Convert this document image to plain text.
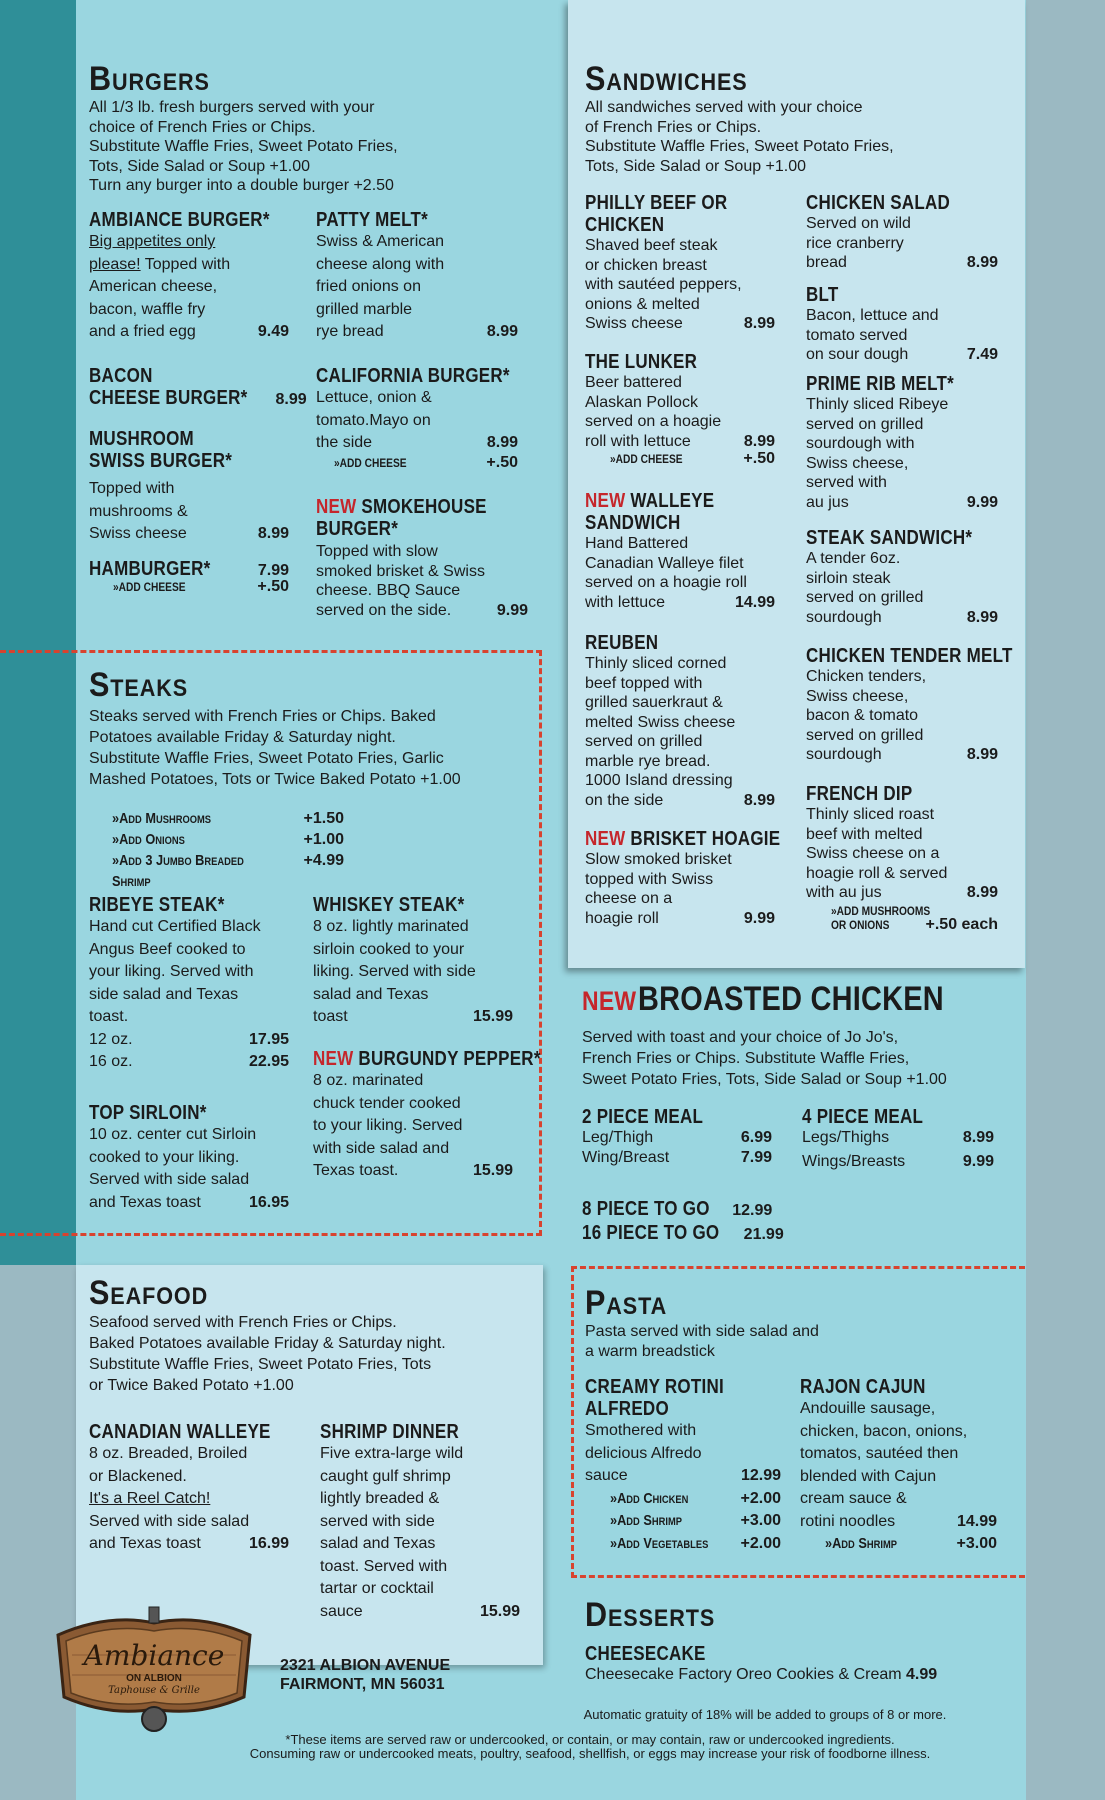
Burgers
All 1/3 lb. fresh burgers served with your
choice of French Fries or Chips.
Substitute Waffle Fries, Sweet Potato Fries,
Tots, Side Salad or Soup +1.00
Turn any burger into a double burger +2.50
AMBIANCE BURGER*
Big appetites only
please! Topped with
American cheese,
bacon, waffle fry
and a fried egg	9.49
PATTY MELT*
Swiss & American
cheese along with
fried onions on
grilled marble
rye bread	8.99
BACON
CHEESE BURGER* 8.99
CALIFORNIA BURGER*
Lettuce, onion &
tomato.Mayo on
the side	8.99
»ADD CHEESE	+.50
MUSHROOM
SWISS BURGER*
Topped with
mushrooms &
Swiss cheese	8.99
NEW SMOKEHOUSE
BURGER*
Topped with slow
smoked brisket & Swiss
cheese. BBQ Sauce
served on the side.	9.99
HAMBURGER*	7.99
»ADD CHEESE	+.50
Steaks
Steaks served with French Fries or Chips. Baked
Potatoes available Friday & Saturday night.
Substitute Waffle Fries, Sweet Potato Fries, Garlic
Mashed Potatoes, Tots or Twice Baked Potato +1.00
»Add Mushrooms	+1.50
»Add Onions	+1.00
»Add 3 Jumbo Breaded Shrimp
+4.99
RIBEYE STEAK*
Hand cut Certified Black
Angus Beef cooked to
your liking. Served with
side salad and Texas
toast.
12 oz.	17.95
16 oz.	22.95
WHISKEY STEAK*
8 oz. lightly marinated
sirloin cooked to your
liking. Served with side
salad and Texas
toast	15.99
NEW BURGUNDY PEPPER*
8 oz. marinated
chuck tender cooked
to your liking. Served
with side salad and
Texas toast.	15.99
TOP SIRLOIN*
10 oz. center cut Sirloin
cooked to your liking.
Served with side salad
and Texas toast	16.95
Seafood
Seafood served with French Fries or Chips.
Baked Potatoes available Friday & Saturday night.
Substitute Waffle Fries, Sweet Potato Fries, Tots
or Twice Baked Potato +1.00
CANADIAN WALLEYE
8 oz. Breaded, Broiled
or Blackened.
It's a Reel Catch!
Served with side salad
and Texas toast	16.99
SHRIMP DINNER
Five extra-large wild
caught gulf shrimp
lightly breaded &
served with side
salad and Texas
toast. Served with
tartar or cocktail
sauce	15.99
Ambiance
ON ALBION
Taphouse & Grille
2321 ALBION AVENUE
FAIRMONT, MN 56031
Sandwiches
All sandwiches served with your choice
of French Fries or Chips.
Substitute Waffle Fries, Sweet Potato Fries,
Tots, Side Salad or Soup +1.00
PHILLY BEEF OR
CHICKEN
Shaved beef steak
or chicken breast
with sautéed peppers,
onions & melted
Swiss cheese	8.99
THE LUNKER
Beer battered
Alaskan Pollock
served on a hoagie
roll with lettuce	8.99
»ADD CHEESE	+.50
NEW WALLEYE
SANDWICH
Hand Battered
Canadian Walleye filet
served on a hoagie roll
with lettuce	14.99
REUBEN
Thinly sliced corned
beef topped with
grilled sauerkraut &
melted Swiss cheese
served on grilled
marble rye bread.
1000 Island dressing
on the side	8.99
NEW BRISKET HOAGIE
Slow smoked brisket
topped with Swiss
cheese on a
hoagie roll	9.99
CHICKEN SALAD
Served on wild
rice cranberry
bread	8.99
BLT
Bacon, lettuce and
tomato served
on sour dough	7.49
PRIME RIB MELT*
Thinly sliced Ribeye
served on grilled
sourdough with
Swiss cheese,
served with
au jus	9.99
STEAK SANDWICH*
A tender 6oz.
sirloin steak
served on grilled
sourdough	8.99
CHICKEN TENDER MELT
Chicken tenders,
Swiss cheese,
bacon & tomato
served on grilled
sourdough	8.99
FRENCH DIP
Thinly sliced roast
beef with melted
Swiss cheese on a
hoagie roll & served
with au jus	8.99
»ADD MUSHROOMS
OR ONIONS +.50 each
NEWBROASTED CHICKEN
Served with toast and your choice of Jo Jo's,
French Fries or Chips. Substitute Waffle Fries,
Sweet Potato Fries, Tots, Side Salad or Soup +1.00
2 PIECE MEAL
Leg/Thigh	6.99
Wing/Breast	7.99
4 PIECE MEAL
Legs/Thighs	8.99
Wings/Breasts	9.99
8 PIECE TO GO 12.99
16 PIECE TO GO 21.99
Pasta
Pasta served with side salad and
a warm breadstick
CREAMY ROTINI
ALFREDO
Smothered with
delicious Alfredo
sauce	12.99
»Add Chicken	+2.00
»Add Shrimp	+3.00
»Add Vegetables +2.00
RAJON CAJUN
Andouille sausage,
chicken, bacon, onions,
tomatos, sautéed then
blended with Cajun
cream sauce &
rotini noodles	14.99
»Add Shrimp	+3.00
Desserts
CHEESECAKE
Cheesecake Factory Oreo Cookies & Cream 4.99
Automatic gratuity of 18% will be added to groups of 8 or more.
*These items are served raw or undercooked, or contain, or may contain, raw or undercooked ingredients.
Consuming raw or undercooked meats, poultry, seafood, shellfish, or eggs may increase your risk of foodborne illness.
